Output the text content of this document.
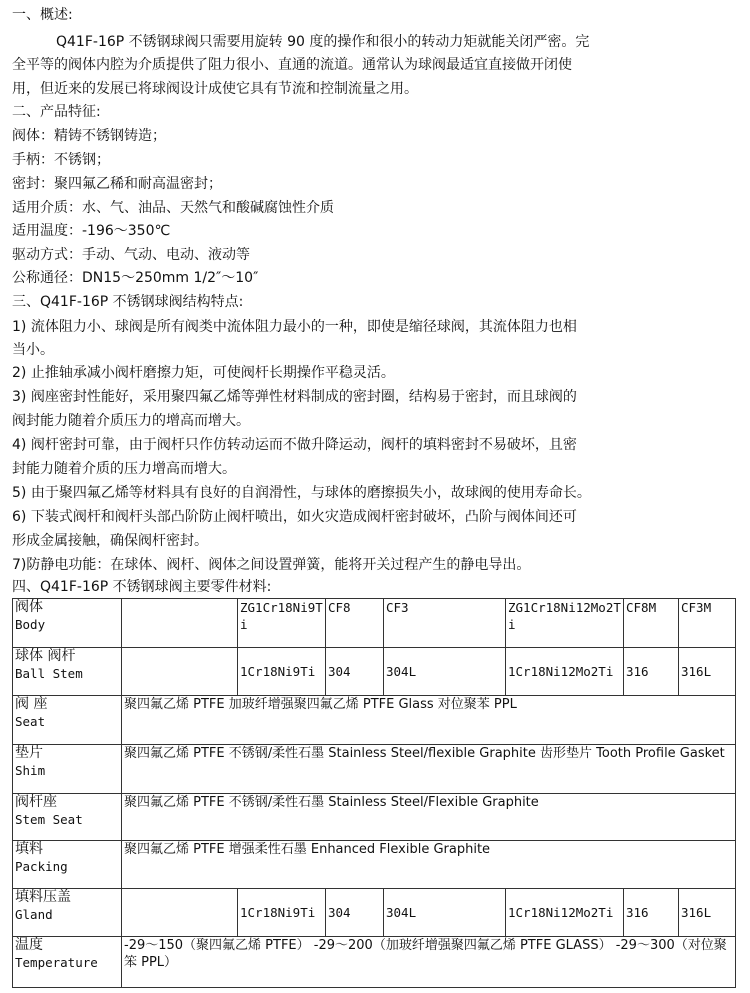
一、概述:
Q41F-16P 不锈钢球阀只需要用旋转 90 度的操作和很小的转动力矩就能关闭严密。完
全平等的阀体内腔为介质提供了阻力很小、直通的流道。通常认为球阀最适宜直接做开闭使
用，但近来的发展已将球阀设计成使它具有节流和控制流量之用。
二、产品特征:
阀体：精铸不锈钢铸造；
手柄：不锈钢；
密封：聚四氟乙稀和耐高温密封；
适用介质：水、气、油品、天然气和酸碱腐蚀性介质
适用温度：-196～350℃
驱动方式：手动、气动、电动、液动等
公称通径：DN15～250mm 1/2″～10″
三、Q41F-16P 不锈钢球阀结构特点:
1) 流体阻力小、球阀是所有阀类中流体阻力最小的一种，即使是缩径球阀，其流体阻力也相
当小。
2) 止推轴承减小阀杆磨擦力矩，可使阀杆长期操作平稳灵活。
3) 阀座密封性能好，采用聚四氟乙烯等弹性材料制成的密封圈，结构易于密封，而且球阀的
阀封能力随着介质压力的增高而增大。
4) 阀杆密封可靠，由于阀杆只作仿转动运而不做升降运动，阀杆的填料密封不易破坏，且密
封能力随着介质的压力增高而增大。
5) 由于聚四氟乙烯等材料具有良好的自润滑性，与球体的磨擦损失小，故球阀的使用寿命长。
6) 下装式阀杆和阀杆头部凸阶防止阀杆喷出，如火灾造成阀杆密封破坏，凸阶与阀体间还可
形成金属接触，确保阀杆密封。
7)防静电功能：在球体、阀杆、阀体之间设置弹簧，能将开关过程产生的静电导出。
四、Q41F-16P 不锈钢球阀主要零件材料:
阀体
Body		ZG1Cr18Ni9Ti	CF8	CF3	ZG1Cr18Ni12Mo2Ti	CF8M	CF3M

球体 阀杆
Ball Stem		1Cr18Ni9Ti	304	304L	1Cr18Ni12Mo2Ti	316	316L

阀 座
Seat	聚四氟乙烯 PTFE 加玻纤增强聚四氟乙烯 PTFE Glass 对位聚苯 PPL						

垫片
Shim	聚四氟乙烯 PTFE 不锈钢/柔性石墨 Stainless Steel/flexible Graphite 齿形垫片 Tooth Profile Gasket						

阀杆座
Stem Seat	聚四氟乙烯 PTFE 不锈钢/柔性石墨 Stainless Steel/Flexible Graphite						

填料
Packing	聚四氟乙烯 PTFE 增强柔性石墨 Enhanced Flexible Graphite						

填料压盖
Gland		1Cr18Ni9Ti	304	304L	1Cr18Ni12Mo2Ti	316	316L

温度
Temperature	-29～150（聚四氟乙烯 PTFE） -29～200（加玻纤增强聚四氟乙烯 PTFE GLASS） -29～300（对位聚笨 PPL）						
